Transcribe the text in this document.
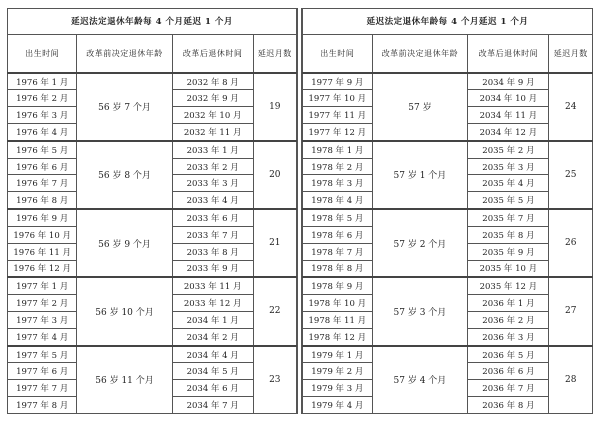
延迟法定退休年龄每 4 个月延迟 1 个月			
出生时间	改革前决定退休年龄	改革后退休时间	延迟月数
1976 年 1 月	56 岁 7 个月	2032 年 8 月	19
1976 年 2 月		2032 年 9 月	
1976 年 3 月		2032 年 10 月	
1976 年 4 月		2032 年 11 月	
1976 年 5 月	56 岁 8 个月	2033 年 1 月	20
1976 年 6 月		2033 年 2 月	
1976 年 7 月		2033 年 3 月	
1976 年 8 月		2033 年 4 月	
1976 年 9 月	56 岁 9 个月	2033 年 6 月	21
1976 年 10 月		2033 年 7 月	
1976 年 11 月		2033 年 8 月	
1976 年 12 月		2033 年 9 月	
1977 年 1 月	56 岁 10 个月	2033 年 11 月	22
1977 年 2 月		2033 年 12 月	
1977 年 3 月		2034 年 1 月	
1977 年 4 月		2034 年 2 月	
1977 年 5 月	56 岁 11 个月	2034 年 4 月	23
1977 年 6 月		2034 年 5 月	
1977 年 7 月		2034 年 6 月	
1977 年 8 月		2034 年 7 月	
延迟法定退休年龄每 4 个月延迟 1 个月			
出生时间	改革前决定退休年龄	改革后退休时间	延迟月数
1977 年 9 月	57 岁	2034 年 9 月	24
1977 年 10 月		2034 年 10 月	
1977 年 11 月		2034 年 11 月	
1977 年 12 月		2034 年 12 月	
1978 年 1 月	57 岁 1 个月	2035 年 2 月	25
1978 年 2 月		2035 年 3 月	
1978 年 3 月		2035 年 4 月	
1978 年 4 月		2035 年 5 月	
1978 年 5 月	57 岁 2 个月	2035 年 7 月	26
1978 年 6 月		2035 年 8 月	
1978 年 7 月		2035 年 9 月	
1978 年 8 月		2035 年 10 月	
1978 年 9 月	57 岁 3 个月	2035 年 12 月	27
1978 年 10 月		2036 年 1 月	
1978 年 11 月		2036 年 2 月	
1978 年 12 月		2036 年 3 月	
1979 年 1 月	57 岁 4 个月	2036 年 5 月	28
1979 年 2 月		2036 年 6 月	
1979 年 3 月		2036 年 7 月	
1979 年 4 月		2036 年 8 月	
